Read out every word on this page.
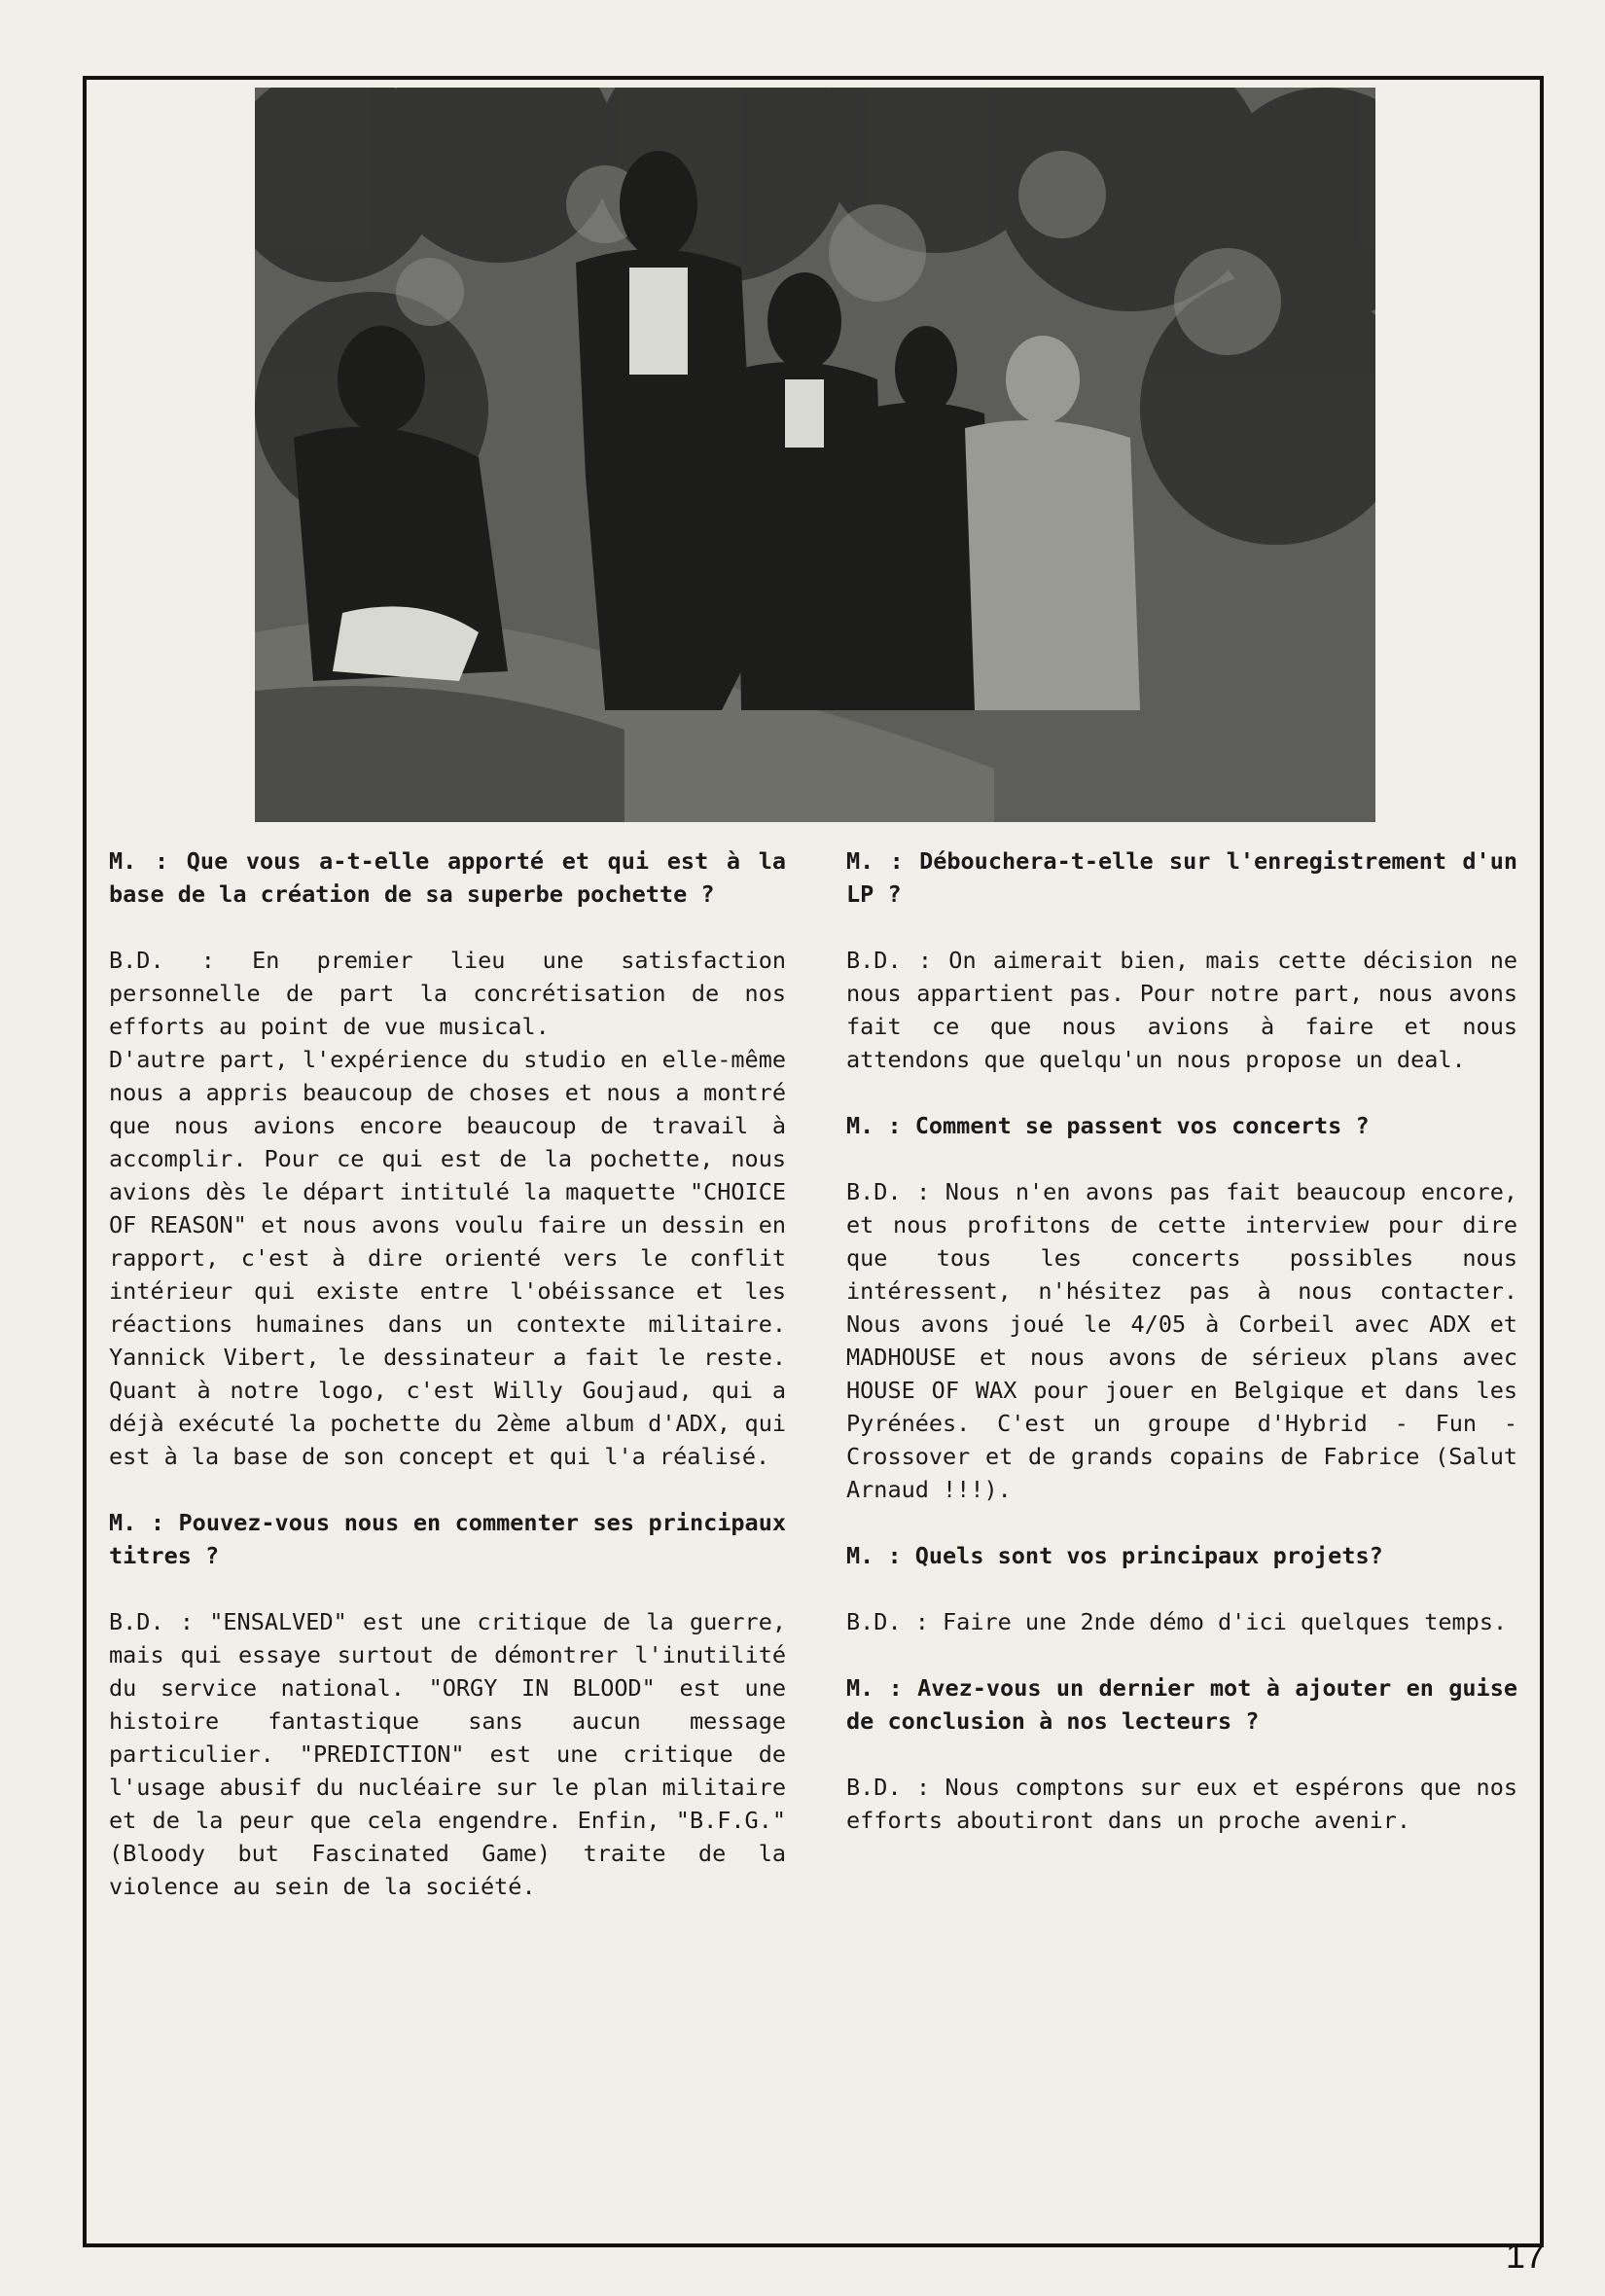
M. : Que vous a-t-elle apporté et qui est à la base de la création de sa superbe pochette ?

B.D. : En premier lieu une satisfaction personnelle de part la concrétisation de nos efforts au point de vue musical.

D'autre part, l'expérience du studio en elle-même nous a appris beaucoup de choses et nous a montré que nous avions encore beaucoup de travail à accomplir. Pour ce qui est de la pochette, nous avions dès le départ intitulé la maquette "CHOICE OF REASON" et nous avons voulu faire un dessin en rapport, c'est à dire orienté vers le conflit intérieur qui existe entre l'obéissance et les réactions humaines dans un contexte militaire. Yannick Vibert, le dessinateur a fait le reste. Quant à notre logo, c'est Willy Goujaud, qui a déjà exécuté la pochette du 2ème album d'ADX, qui est à la base de son concept et qui l'a réalisé.

M. : Pouvez-vous nous en commenter ses principaux titres ?

B.D. : "ENSALVED" est une critique de la guerre, mais qui essaye surtout de démontrer l'inutilité du service national. "ORGY IN BLOOD" est une histoire fantastique sans aucun message particulier. "PREDICTION" est une critique de l'usage abusif du nucléaire sur le plan militaire et de la peur que cela engendre. Enfin, "B.F.G." (Bloody but Fascinated Game) traite de la violence au sein de la société.

M. : Débouchera-t-elle sur l'enregistrement d'un LP ?

B.D. : On aimerait bien, mais cette décision ne nous appartient pas. Pour notre part, nous avons fait ce que nous avions à faire et nous attendons que quelqu'un nous propose un deal.

M. : Comment se passent vos concerts ?

B.D. : Nous n'en avons pas fait beaucoup encore, et nous profitons de cette interview pour dire que tous les concerts possibles nous intéressent, n'hésitez pas à nous contacter. Nous avons joué le 4/05 à Corbeil avec ADX et MADHOUSE et nous avons de sérieux plans avec HOUSE OF WAX pour jouer en Belgique et dans les Pyrénées. C'est un groupe d'Hybrid - Fun - Crossover et de grands copains de Fabrice (Salut Arnaud !!!).

M. : Quels sont vos principaux projets?

B.D. : Faire une 2nde démo d'ici quelques temps.

M. : Avez-vous un dernier mot à ajouter en guise de conclusion à nos lecteurs ?

B.D. : Nous comptons sur eux et espérons que nos efforts aboutiront dans un proche avenir.

17
